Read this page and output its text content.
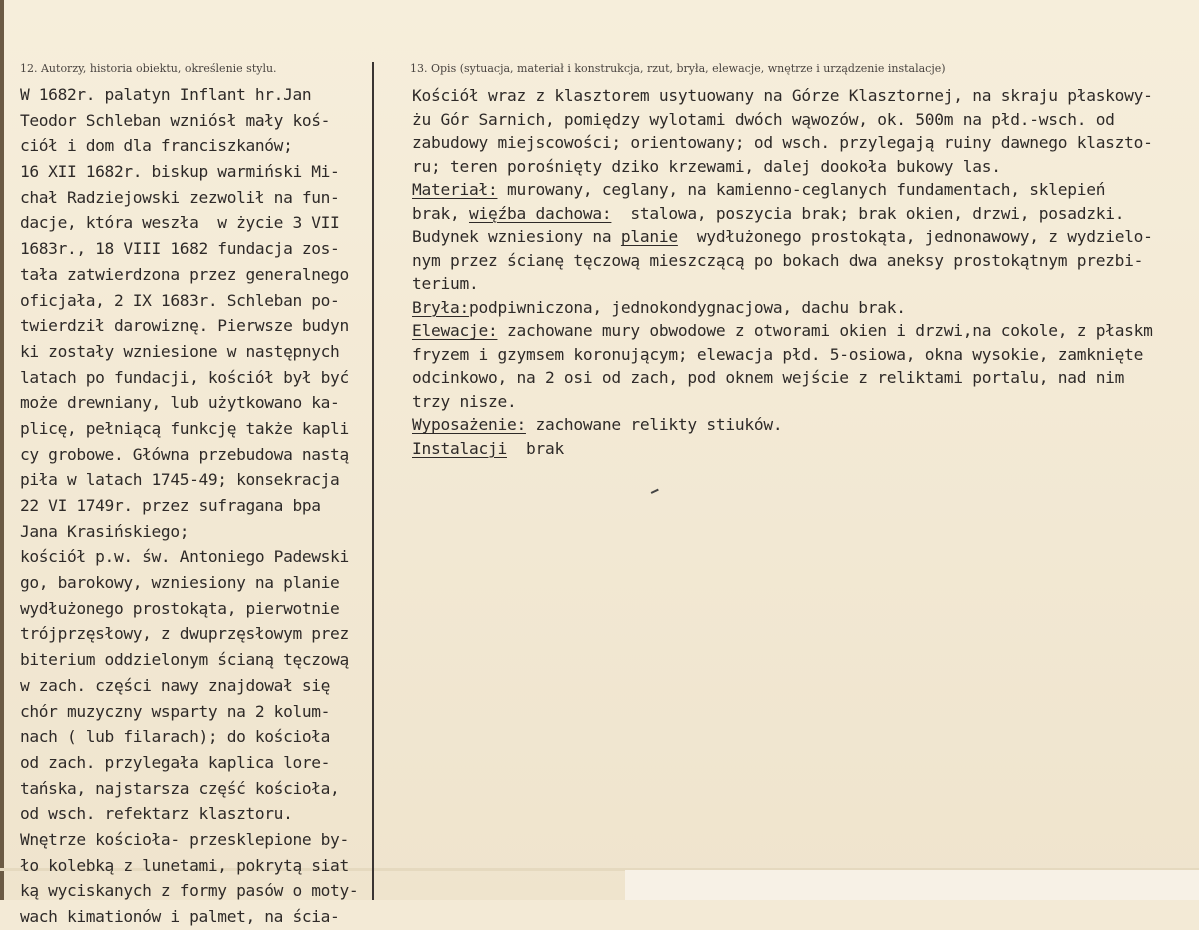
12. Autorzy, historia obiektu, określenie stylu.	13. Opis (sytuacja, materiał i konstrukcja, rzut, bryła, elewacje, wnętrze i urządzenie instalacje)
W 1682r. palatyn Inflant hr.Jan
Teodor Schleban wzniósł mały koś-
ciół i dom dla franciszkanów;
16 XII 1682r. biskup warmiński Mi-
chał Radziejowski zezwolił na fun-
dacje, która weszła  w życie 3 VII
1683r., 18 VIII 1682 fundacja zos-
tała zatwierdzona przez generalnego
oficjała, 2 IX 1683r. Schleban po-
twierdził darowiznę. Pierwsze budyn
ki zostały wzniesione w następnych
latach po fundacji, kościół był być
może drewniany, lub użytkowano ka-
plicę, pełniącą funkcję także kapli
cy grobowe. Główna przebudowa nastą
piła w latach 1745-49; konsekracja
22 VI 1749r. przez sufragana bpa
Jana Krasińskiego;
kościół p.w. św. Antoniego Padewski
go, barokowy, wzniesiony na planie
wydłużonego prostokąta, pierwotnie
trójprzęsłowy, z dwuprzęsłowym prez
biterium oddzielonym ścianą tęczową
w zach. części nawy znajdował się
chór muzyczny wsparty na 2 kolum-
nach ( lub filarach); do kościoła
od zach. przylegała kaplica lore-
tańska, najstarsza część kościoła,
od wsch. refektarz klasztoru.
Wnętrze kościoła- przesklepione by-
ło kolebką z lunetami, pokrytą siat
ką wyciskanych z formy pasów o moty-
wach kimationów i palmet, na ścia-
Kościół wraz z klasztorem usytuowany na Górze Klasztornej, na skraju płaskowy-
żu Gór Sarnich, pomiędzy wylotami dwóch wąwozów, ok. 500m na płd.-wsch. od
zabudowy miejscowości; orientowany; od wsch. przylegają ruiny dawnego klaszto-
ru; teren porośnięty dziko krzewami, dalej dookoła bukowy las.
Materiał: murowany, ceglany, na kamienno-ceglanych fundamentach, sklepień
brak, więźba dachowa:  stalowa, poszycia brak; brak okien, drzwi, posadzki.
Budynek wzniesiony na planie  wydłużonego prostokąta, jednonawowy, z wydzielo-
nym przez ścianę tęczową mieszczącą po bokach dwa aneksy prostokątnym prezbi-
terium.
Bryła:podpiwniczona, jednokondygnacjowa, dachu brak.
Elewacje: zachowane mury obwodowe z otworami okien i drzwi,na cokole, z płaskm
fryzem i gzymsem koronującym; elewacja płd. 5-osiowa, okna wysokie, zamknięte
odcinkowo, na 2 osi od zach, pod oknem wejście z reliktami portalu, nad nim
trzy nisze.
Wyposażenie: zachowane relikty stiuków.
Instalacji  brak
